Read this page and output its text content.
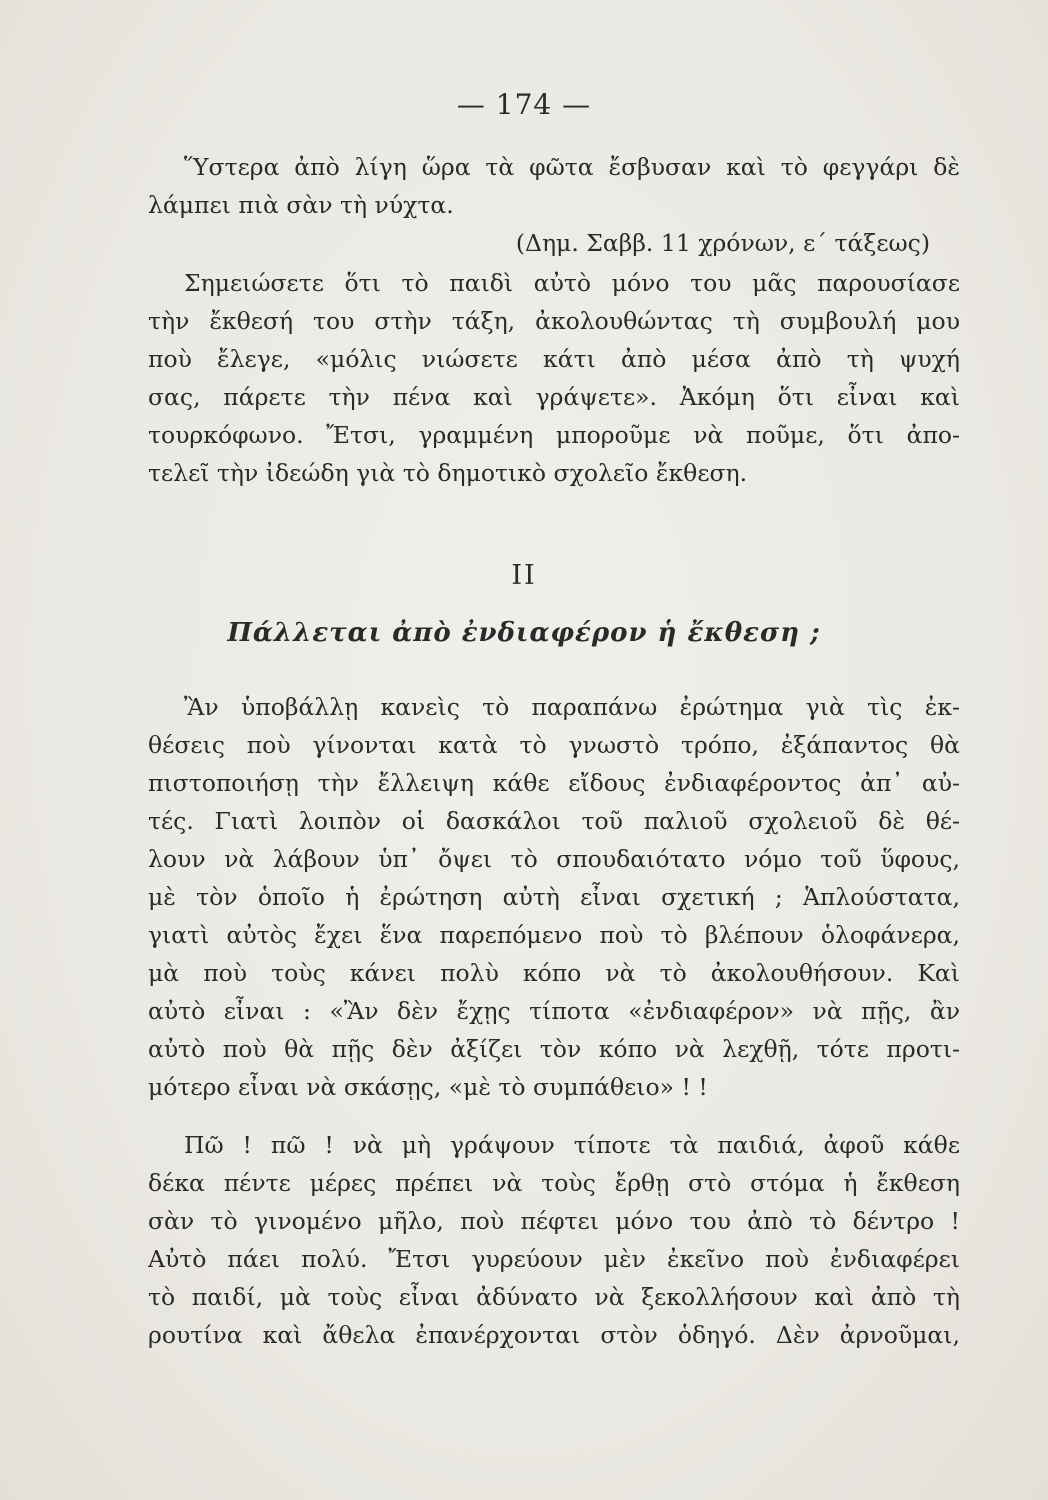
— 174 —
Ὕστερα ἀπὸ λίγη ὥρα τὰ φῶτα ἔσβυσαν καὶ τὸ φεγγάρι δὲ
λάμπει πιὰ σὰν τὴ νύχτα.
(Δημ. Σαββ. 11 χρόνων, ε΄ τάξεως)
Σημειώσετε ὅτι τὸ παιδὶ αὐτὸ μόνο του μᾶς παρουσίασε
τὴν ἔκθεσή του στὴν τάξη, ἀκολουθώντας τὴ συμβουλή μου
ποὺ ἔλεγε, «μόλις νιώσετε κάτι ἀπὸ μέσα ἀπὸ τὴ ψυχή
σας, πάρετε τὴν πένα καὶ γράψετε». Ἀκόμη ὅτι εἶναι καὶ
τουρκόφωνο. Ἔτσι, γραμμένη μποροῦμε νὰ ποῦμε, ὅτι ἀπο-
τελεῖ τὴν ἰδεώδη γιὰ τὸ δημοτικὸ σχολεῖο ἔκθεση.
II
Πάλλεται ἀπὸ ἐνδιαφέρον ἡ ἔκθεση ;
Ἂν ὑποβάλλῃ κανεὶς τὸ παραπάνω ἐρώτημα γιὰ τὶς ἐκ-
θέσεις ποὺ γίνονται κατὰ τὸ γνωστὸ τρόπο, ἐξάπαντος θὰ
πιστοποιήσῃ τὴν ἔλλειψη κάθε εἴδους ἐνδιαφέροντος ἀπ᾽ αὐ-
τές. Γιατὶ λοιπὸν οἱ δασκάλοι τοῦ παλιοῦ σχολειοῦ δὲ θέ-
λουν νὰ λάβουν ὑπ᾽ ὄψει τὸ σπουδαιότατο νόμο τοῦ ὕφους,
μὲ τὸν ὁποῖο ἡ ἐρώτηση αὐτὴ εἶναι σχετική ; Ἁπλούστατα,
γιατὶ αὐτὸς ἔχει ἕνα παρεπόμενο ποὺ τὸ βλέπουν ὁλοφάνερα,
μὰ ποὺ τοὺς κάνει πολὺ κόπο νὰ τὸ ἀκολουθήσουν. Καὶ
αὐτὸ εἶναι : «Ἂν δὲν ἔχῃς τίποτα «ἐνδιαφέρον» νὰ πῇς, ἂν
αὐτὸ ποὺ θὰ πῇς δὲν ἀξίζει τὸν κόπο νὰ λεχθῇ, τότε προτι-
μότερο εἶναι νὰ σκάσῃς, «μὲ τὸ συμπάθειο» ! !
Πῶ ! πῶ ! νὰ μὴ γράψουν τίποτε τὰ παιδιά, ἀφοῦ κάθε
δέκα πέντε μέρες πρέπει νὰ τοὺς ἔρθῃ στὸ στόμα ἡ ἔκθεση
σὰν τὸ γινομένο μῆλο, ποὺ πέφτει μόνο του ἀπὸ τὸ δέντρο !
Αὐτὸ πάει πολύ. Ἔτσι γυρεύουν μὲν ἐκεῖνο ποὺ ἐνδιαφέρει
τὸ παιδί, μὰ τοὺς εἶναι ἀδύνατο νὰ ξεκολλήσουν καὶ ἀπὸ τὴ
ρουτίνα καὶ ἄθελα ἐπανέρχονται στὸν ὁδηγό. Δὲν ἀρνοῦμαι,
